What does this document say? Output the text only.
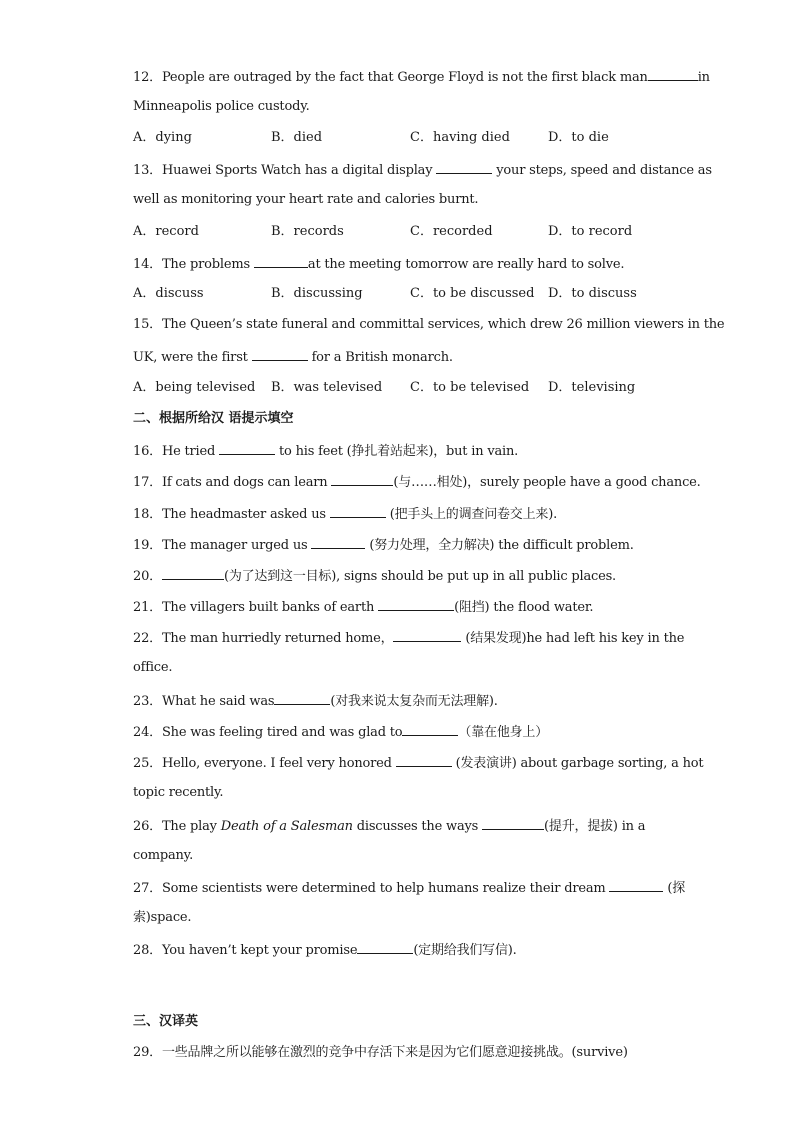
12．People are outraged by the fact that George Floyd is not the first black man	in
Minneapolis police custody.
A．dying	B．died	C．having died	D．to die
13．Huawei Sports Watch has a digital display	your steps, speed and distance as
well as monitoring your heart rate and calories burnt.
A．record	B．records	C．recorded	D．to record
14．The problems	at the meeting tomorrow are really hard to solve.
A．discuss	B．discussing	C．to be discussed D．to discuss
15．The Queen’s state funeral and committal services, which drew 26 million viewers in the
UK, were the first	for a British monarch.
A．being televised B．was televised C．to be televised D．televising
二、根据所给汉 语提示填空
16．He tried	to his feet (挣扎着站起来)，but in vain.
17．If cats and dogs can learn	(与……相处)，surely people have a good chance.
18．The headmaster asked us	(把手头上的调查问卷交上来).
19．The manager urged us	(努力处理，全力解决) the difficult problem.
20．	(为了达到这一目标), signs should be put up in all public places.
21．The villagers built banks of earth	(阻挡) the flood water.
22．The man hurriedly returned home，	(结果发现)he had left his key in the
office.
23．What he said was	(对我来说太复杂而无法理解).
24．She was feeling tired and was glad to	（靠在他身上）
25．Hello, everyone. I feel very honored	(发表演讲) about garbage sorting, a hot
topic recently.
26．The play Death of a Salesman discusses the ways	(提升，提拔) in a
company.
27．Some scientists were determined to help humans realize their dream	(探
索)space.
28．You haven’t kept your promise	(定期给我们写信).
三、汉译英
29．一些品牌之所以能够在激烈的竞争中存活下来是因为它们愿意迎接挑战。(survive)
